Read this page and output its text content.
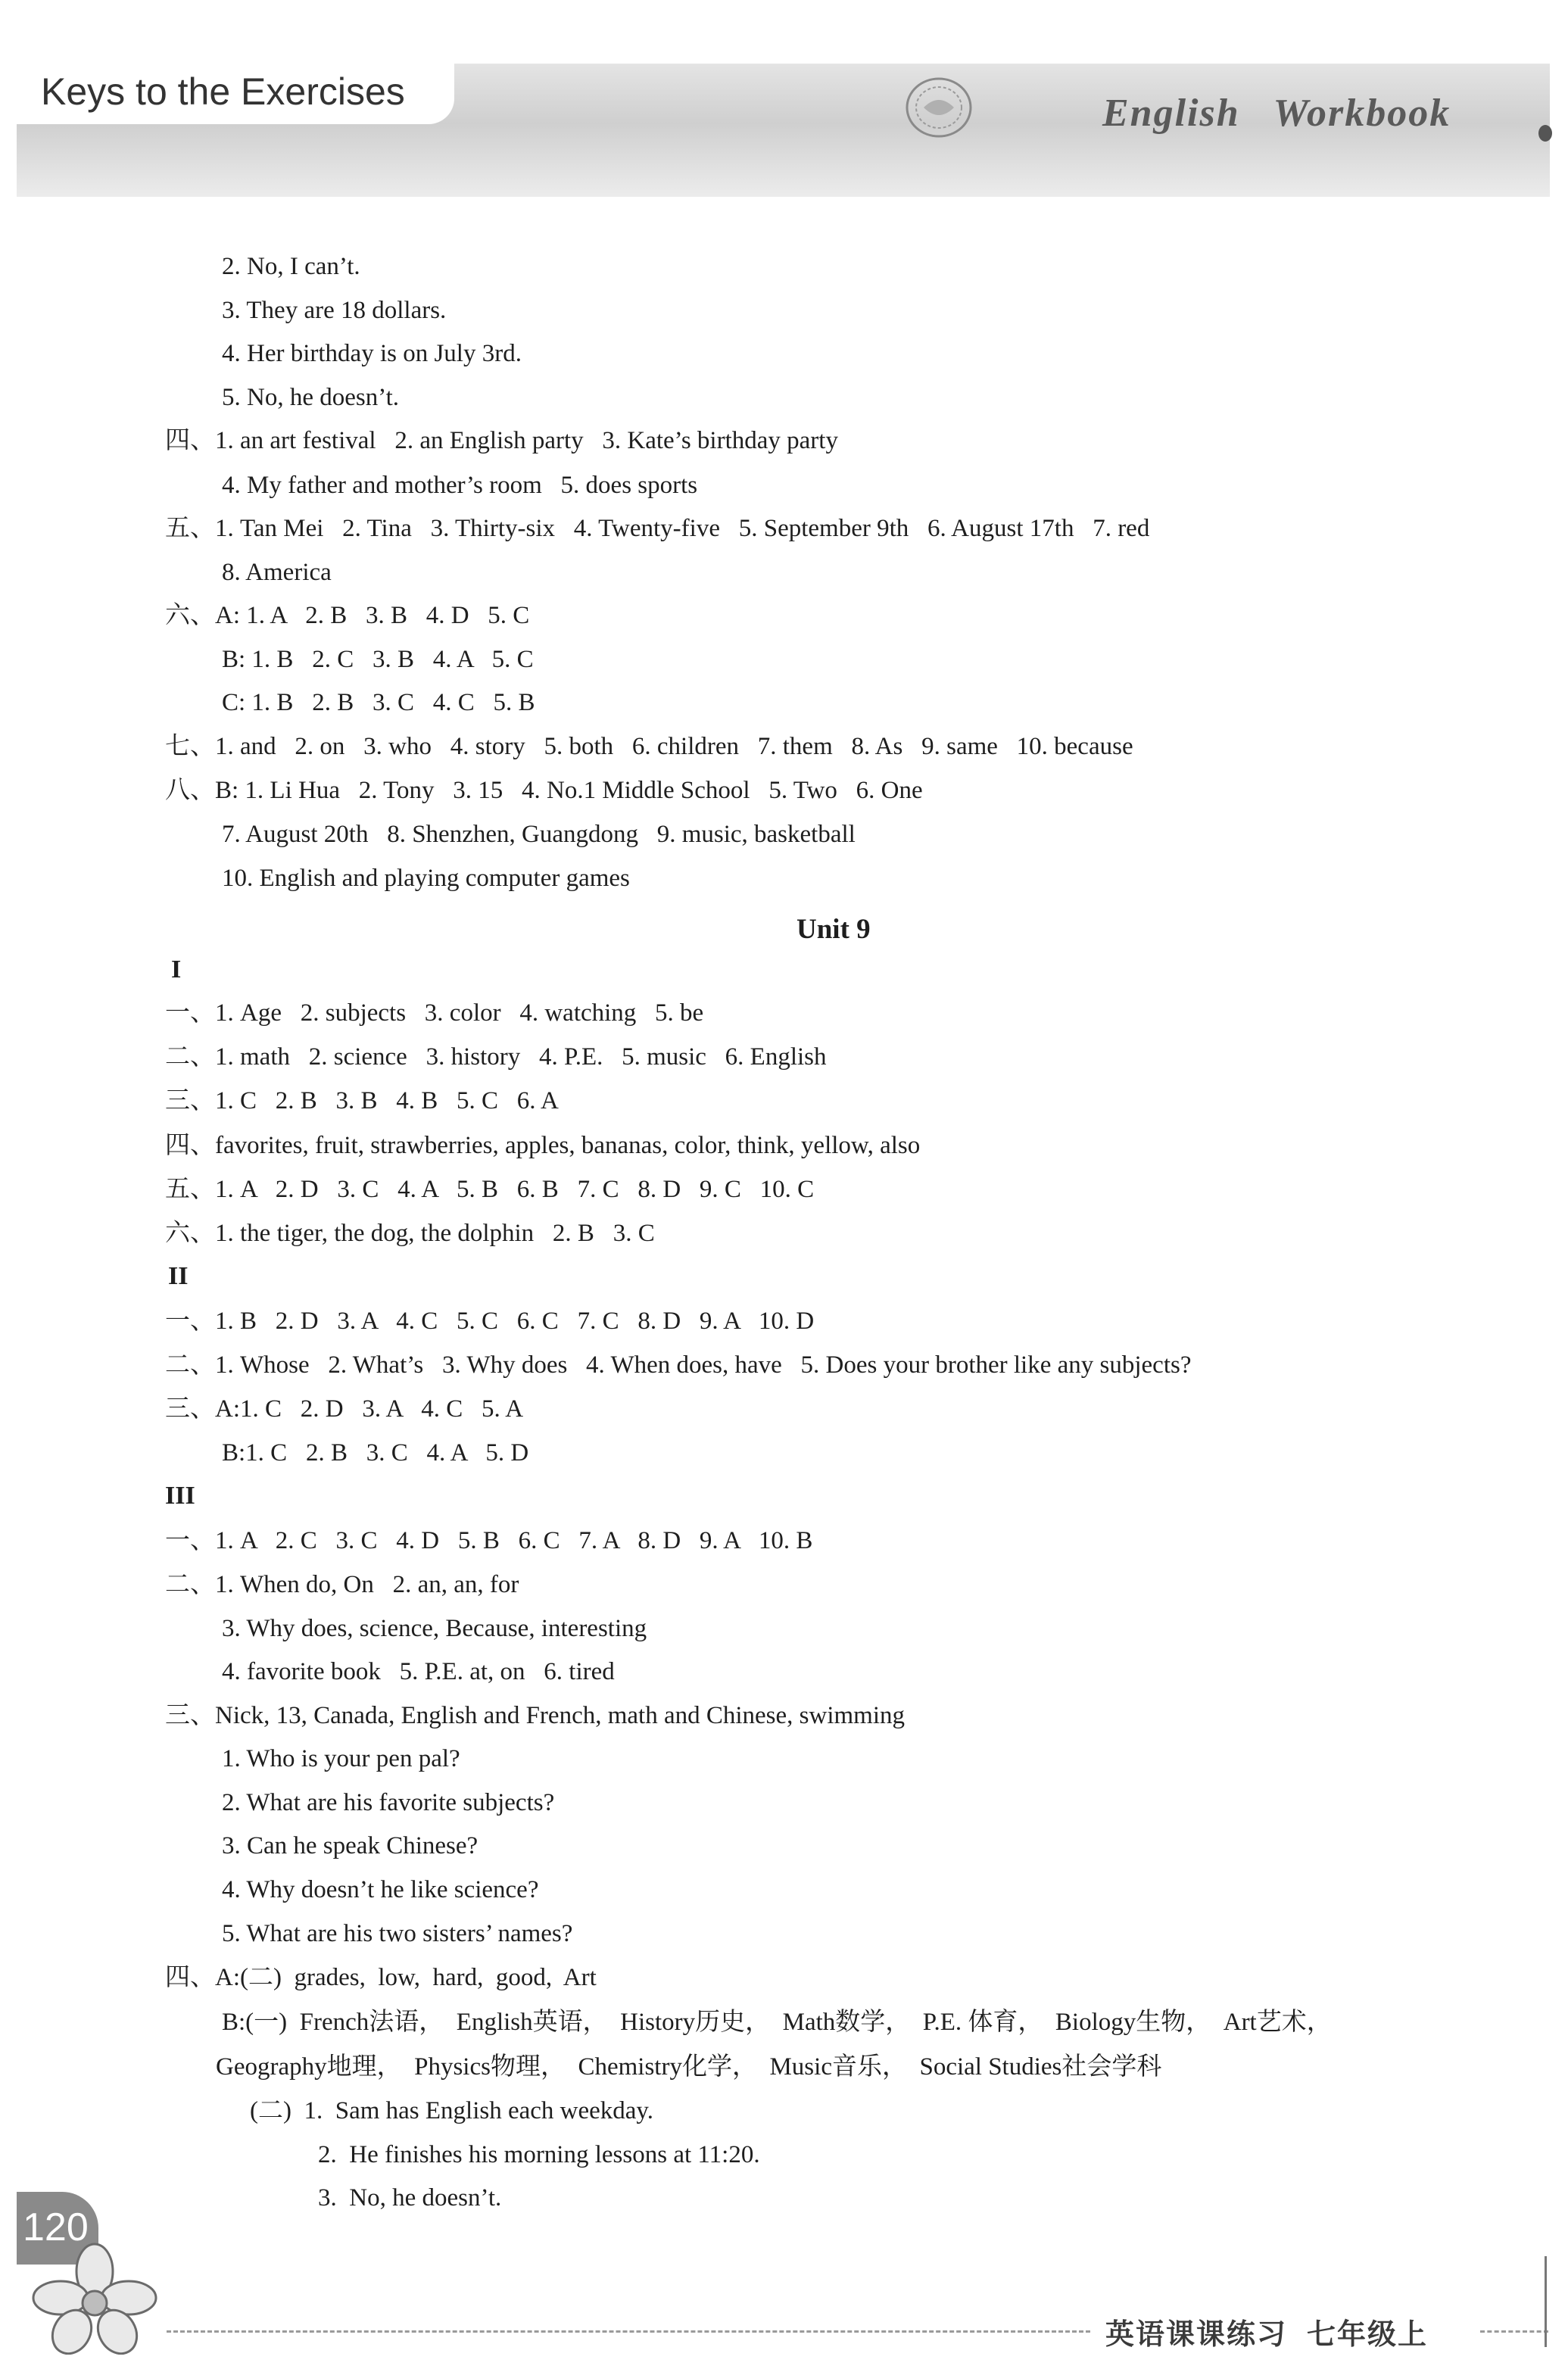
Keys to the Exercises	English Workbook
2. No, I can’t.
3. They are 18 dollars.
4. Her birthday is on July 3rd.
5. No, he doesn’t.
四、1. an art festival   2. an English party   3. Kate’s birthday party
4. My father and mother’s room   5. does sports
五、1. Tan Mei   2. Tina   3. Thirty-six   4. Twenty-five   5. September 9th   6. August 17th   7. red
8. America
六、A: 1. A   2. B   3. B   4. D   5. C
B: 1. B   2. C   3. B   4. A   5. C
C: 1. B   2. B   3. C   4. C   5. B
七、1. and   2. on   3. who   4. story   5. both   6. children   7. them   8. As   9. same   10. because
八、B: 1. Li Hua   2. Tony   3. 15   4. No.1 Middle School   5. Two   6. One
7. August 20th   8. Shenzhen, Guangdong   9. music, basketball
10. English and playing computer games
Unit 9
I
一、1. Age   2. subjects   3. color   4. watching   5. be
二、1. math   2. science   3. history   4. P.E.   5. music   6. English
三、1. C   2. B   3. B   4. B   5. C   6. A
四、favorites, fruit, strawberries, apples, bananas, color, think, yellow, also
五、1. A   2. D   3. C   4. A   5. B   6. B   7. C   8. D   9. C   10. C
六、1. the tiger, the dog, the dolphin   2. B   3. C
II
一、1. B   2. D   3. A   4. C   5. C   6. C   7. C   8. D   9. A   10. D
二、1. Whose   2. What’s   3. Why does   4. When does, have   5. Does your brother like any subjects?
三、A:1. C   2. D   3. A   4. C   5. A
B:1. C   2. B   3. C   4. A   5. D
III
一、1. A   2. C   3. C   4. D   5. B   6. C   7. A   8. D   9. A   10. B
二、1. When do, On   2. an, an, for
3. Why does, science, Because, interesting
4. favorite book   5. P.E. at, on   6. tired
三、Nick, 13, Canada, English and French, math and Chinese, swimming
1. Who is your pen pal?
2. What are his favorite subjects?
3. Can he speak Chinese?
4. Why doesn’t he like science?
5. What are his two sisters’ names?
四、A:(二)  grades,  low,  hard,  good,  Art
B:(一)  French法语，  English英语，  History历史，  Math数学，  P.E. 体育，  Biology生物，  Art艺术，
Geography地理，  Physics物理，  Chemistry化学，  Music音乐，  Social Studies社会学科
(二)  1.  Sam has English each weekday.
2.  He finishes his morning lessons at 11:20.
3.  No, he doesn’t.
120
英语课课练习 七年级上
